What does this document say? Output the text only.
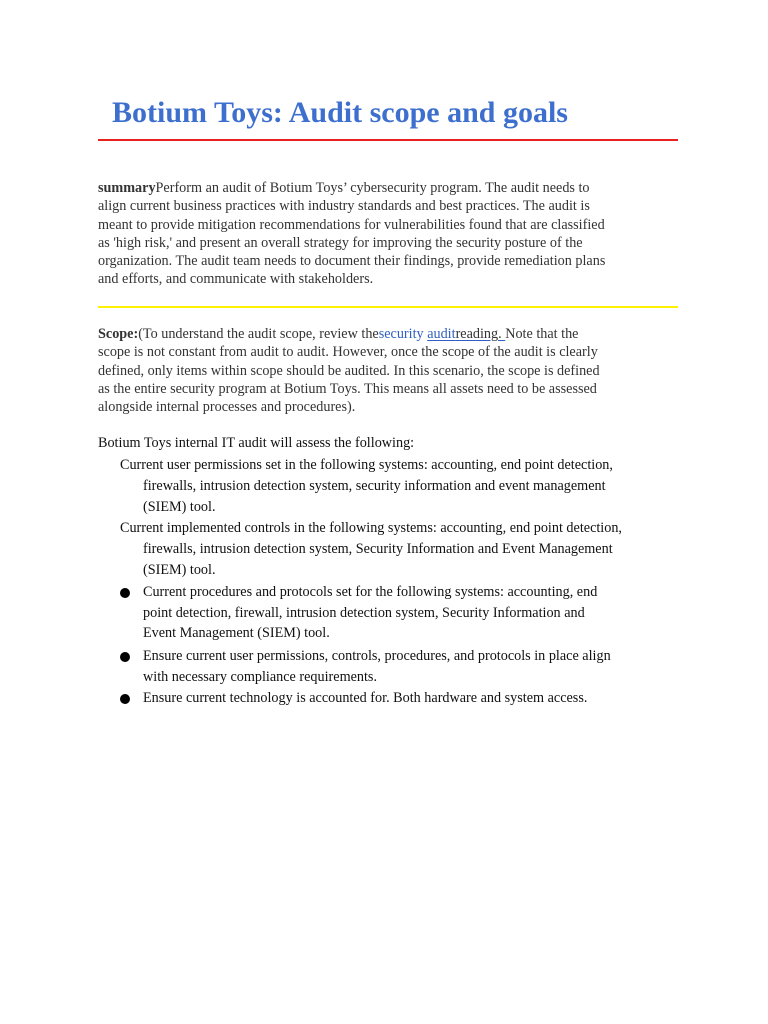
Botium Toys: Audit scope and goals
summaryPerform an audit of Botium Toys’ cybersecurity program. The audit needs to align current business practices with industry standards and best practices. The audit is meant to provide mitigation recommendations for vulnerabilities found that are classified as 'high risk,' and present an overall strategy for improving the security posture of the organization. The audit team needs to document their findings, provide remediation plans and efforts, and communicate with stakeholders.
Scope:(To understand the audit scope, review thesecurity auditreading. Note that the scope is not constant from audit to audit. However, once the scope of the audit is clearly defined, only items within scope should be audited. In this scenario, the scope is defined as the entire security program at Botium Toys. This means all assets need to be assessed alongside internal processes and procedures).
Botium Toys internal IT audit will assess the following:
Current user permissions set in the following systems: accounting, end point detection, firewalls, intrusion detection system, security information and event management (SIEM) tool.
Current implemented controls in the following systems: accounting, end point detection, firewalls, intrusion detection system, Security Information and Event Management (SIEM) tool.
Current procedures and protocols set for the following systems: accounting, end point detection, firewall, intrusion detection system, Security Information and Event Management (SIEM) tool.
Ensure current user permissions, controls, procedures, and protocols in place align with necessary compliance requirements.
Ensure current technology is accounted for. Both hardware and system access.
